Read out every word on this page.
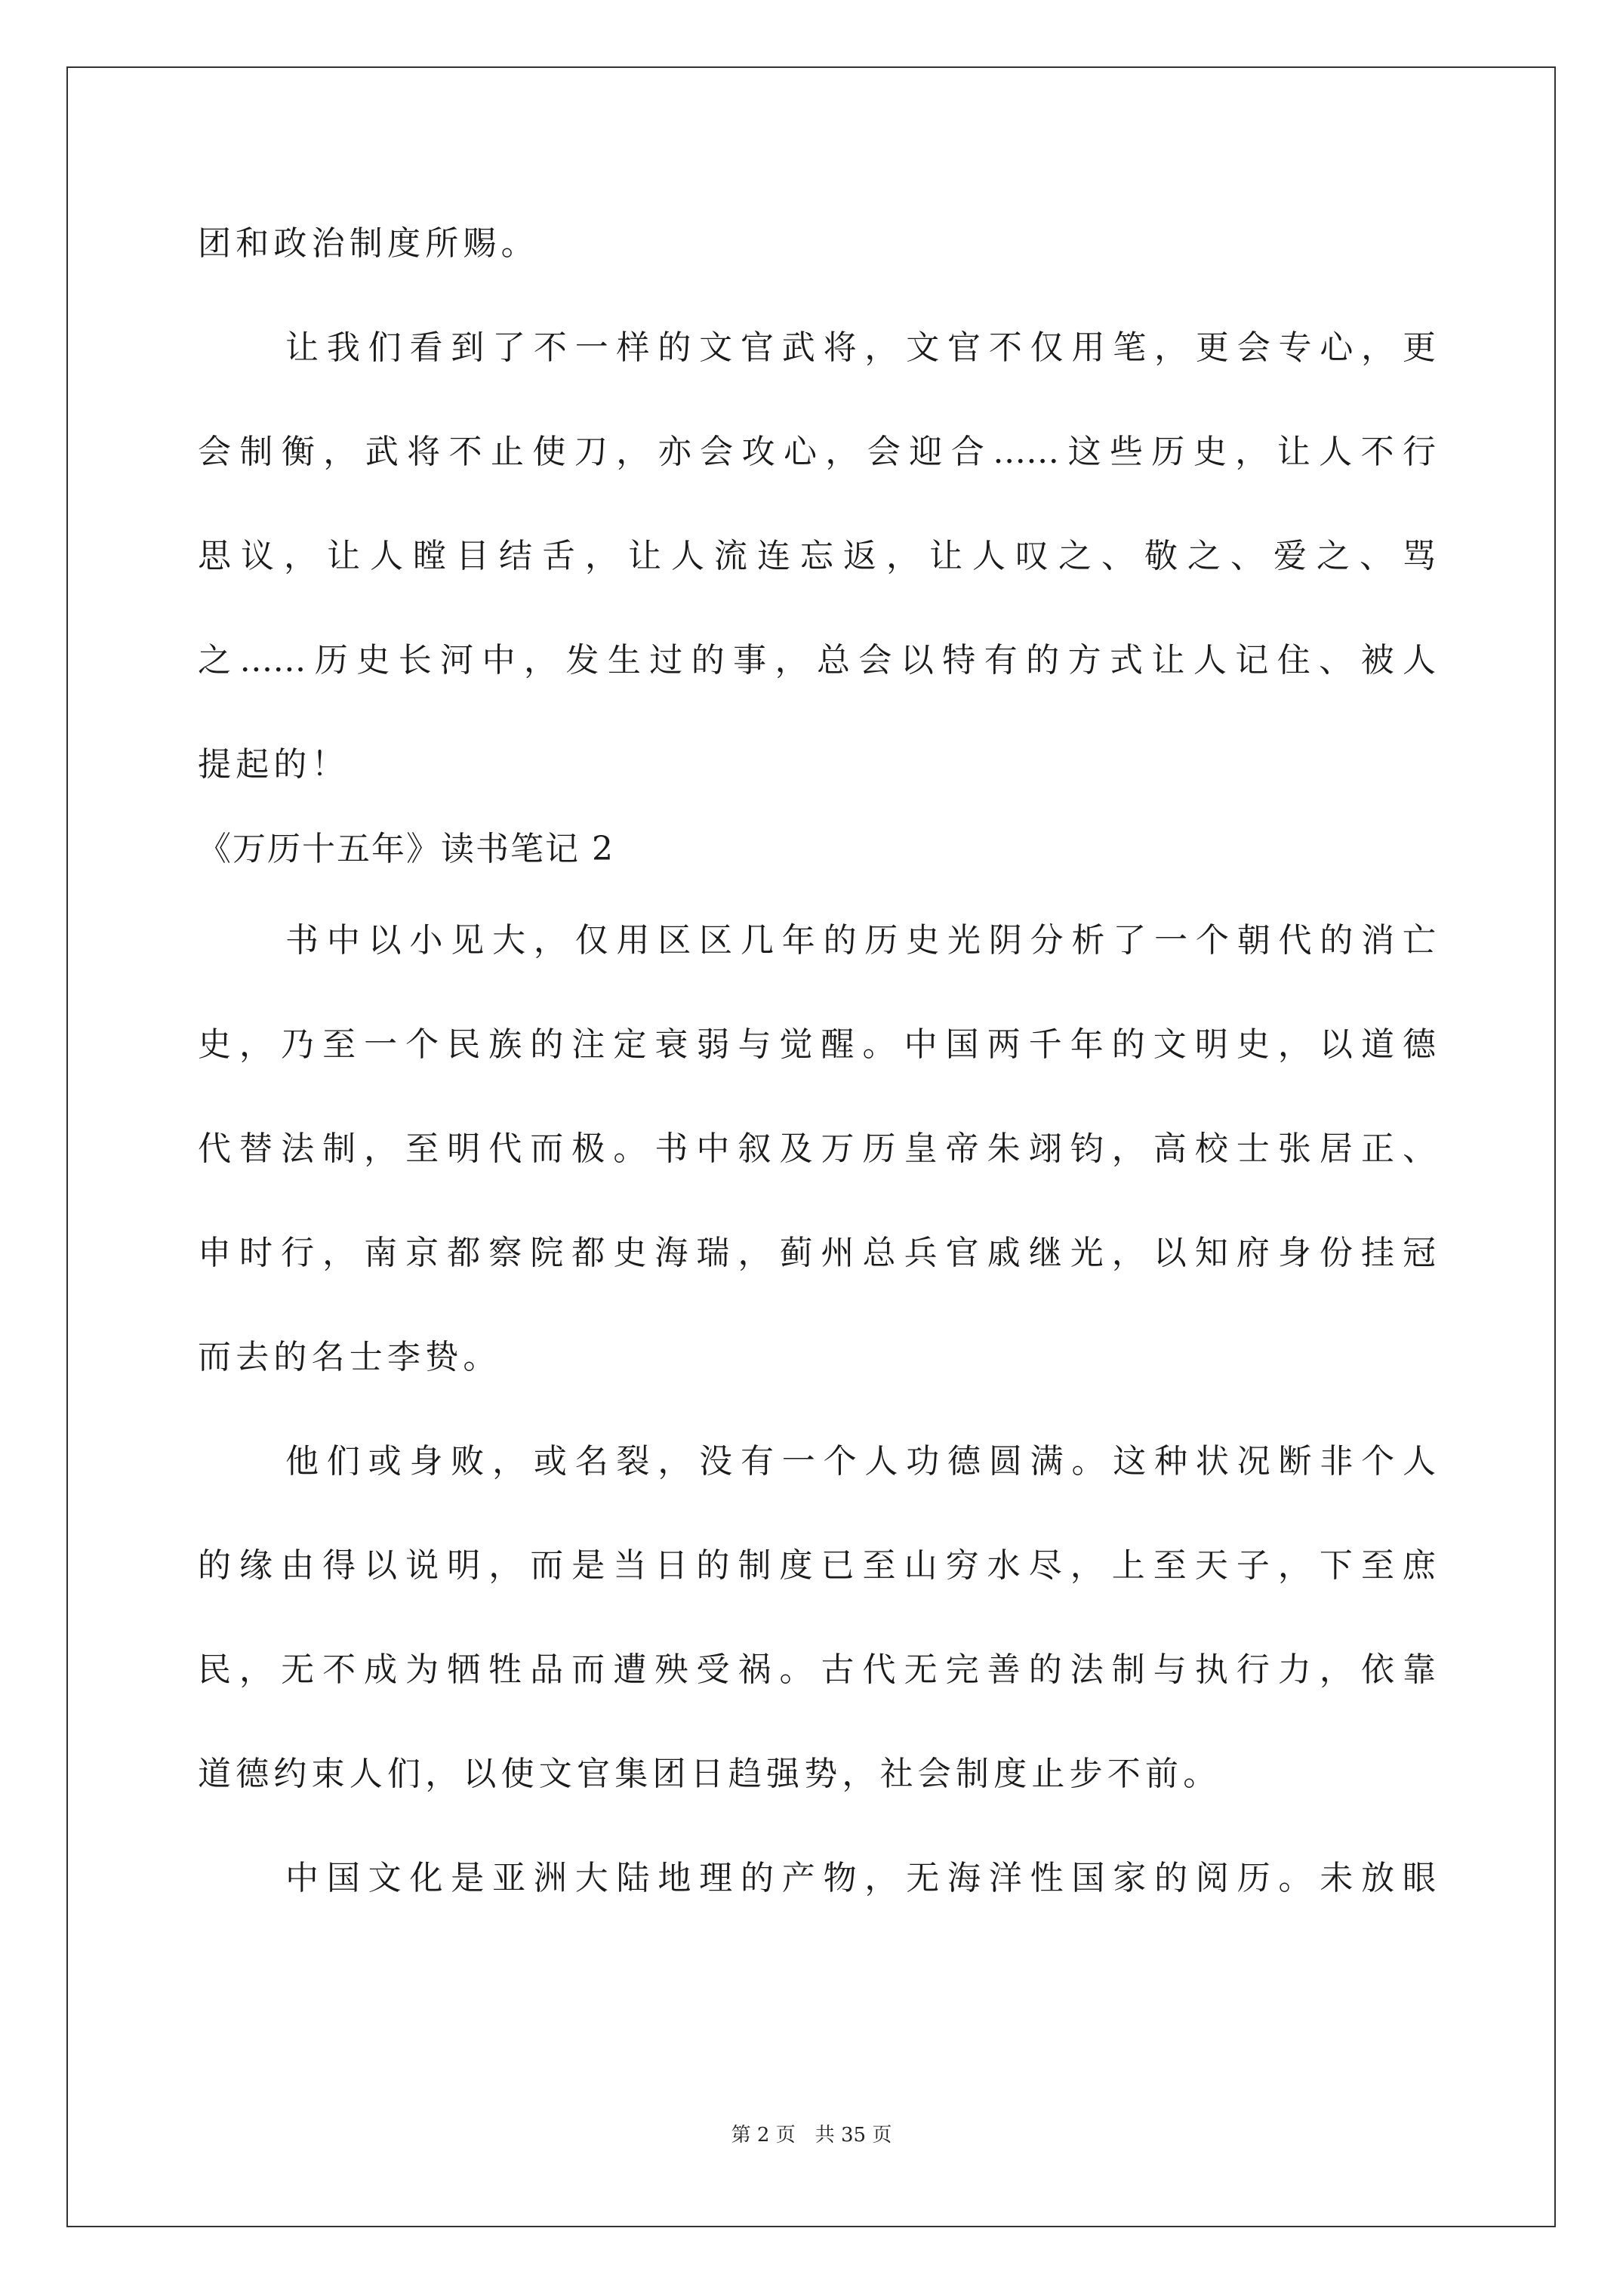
团和政治制度所赐。
让我们看到了不一样的文官武将，文官不仅用笔，更会专心，更
会制衡，武将不止使刀，亦会攻心，会迎合……这些历史，让人不行
思议，让人瞠目结舌，让人流连忘返，让人叹之、敬之、爱之、骂
之……历史长河中，发生过的事，总会以特有的方式让人记住、被人
提起的！
《万历十五年》读书笔记 2
书中以小见大，仅用区区几年的历史光阴分析了一个朝代的消亡
史，乃至一个民族的注定衰弱与觉醒。中国两千年的文明史，以道德
代替法制，至明代而极。书中叙及万历皇帝朱翊钧，高校士张居正、
申时行，南京都察院都史海瑞，蓟州总兵官戚继光，以知府身份挂冠
而去的名士李贽。
他们或身败，或名裂，没有一个人功德圆满。这种状况断非个人
的缘由得以说明，而是当日的制度已至山穷水尽，上至天子，下至庶
民，无不成为牺牲品而遭殃受祸。古代无完善的法制与执行力，依靠
道德约束人们，以使文官集团日趋强势，社会制度止步不前。
中国文化是亚洲大陆地理的产物，无海洋性国家的阅历。未放眼
第 2 页　共 35 页
